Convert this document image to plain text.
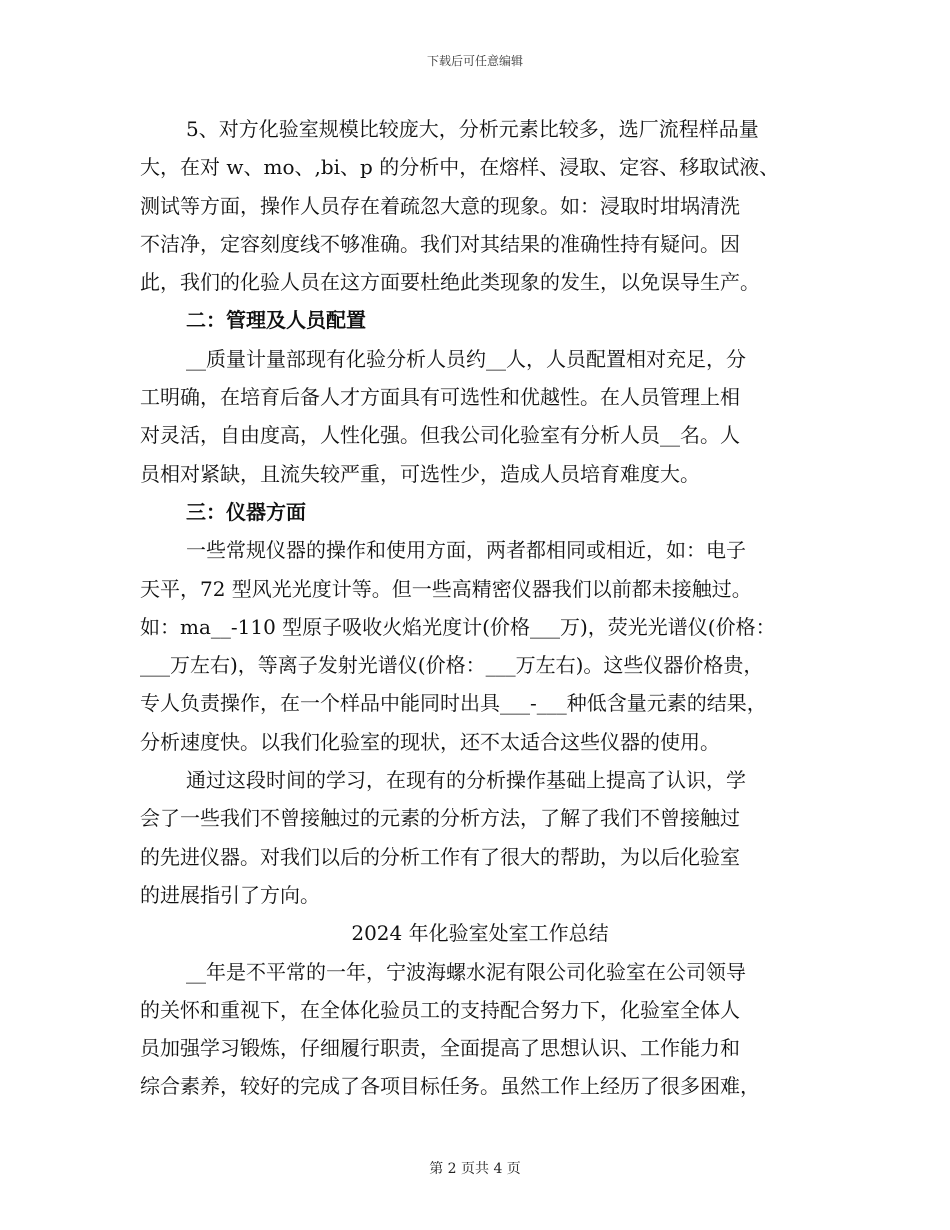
下载后可任意编辑
5、对方化验室规模比较庞大，分析元素比较多，选厂流程样品量
大，在对 w、mo、,bi、p 的分析中，在熔样、浸取、定容、移取试液、
测试等方面，操作人员存在着疏忽大意的现象。如：浸取时坩埚清洗
不洁净，定容刻度线不够准确。我们对其结果的准确性持有疑问。因
此，我们的化验人员在这方面要杜绝此类现象的发生，以免误导生产。
二：管理及人员配置
__质量计量部现有化验分析人员约__人，人员配置相对充足，分
工明确，在培育后备人才方面具有可选性和优越性。在人员管理上相
对灵活，自由度高，人性化强。但我公司化验室有分析人员__名。人
员相对紧缺，且流失较严重，可选性少，造成人员培育难度大。
三：仪器方面
一些常规仪器的操作和使用方面，两者都相同或相近，如：电子
天平，72 型风光光度计等。但一些高精密仪器我们以前都未接触过。
如：ma__-110 型原子吸收火焰光度计(价格___万)，荧光光谱仪(价格：
___万左右)，等离子发射光谱仪(价格：___万左右)。这些仪器价格贵，
专人负责操作，在一个样品中能同时出具___-___种低含量元素的结果，
分析速度快。以我们化验室的现状，还不太适合这些仪器的使用。
通过这段时间的学习，在现有的分析操作基础上提高了认识，学
会了一些我们不曾接触过的元素的分析方法，了解了我们不曾接触过
的先进仪器。对我们以后的分析工作有了很大的帮助，为以后化验室
的进展指引了方向。
2024 年化验室处室工作总结
__年是不平常的一年，宁波海螺水泥有限公司化验室在公司领导
的关怀和重视下，在全体化验员工的支持配合努力下，化验室全体人
员加强学习锻炼，仔细履行职责，全面提高了思想认识、工作能力和
综合素养，较好的完成了各项目标任务。虽然工作上经历了很多困难，
第 2 页共 4 页
